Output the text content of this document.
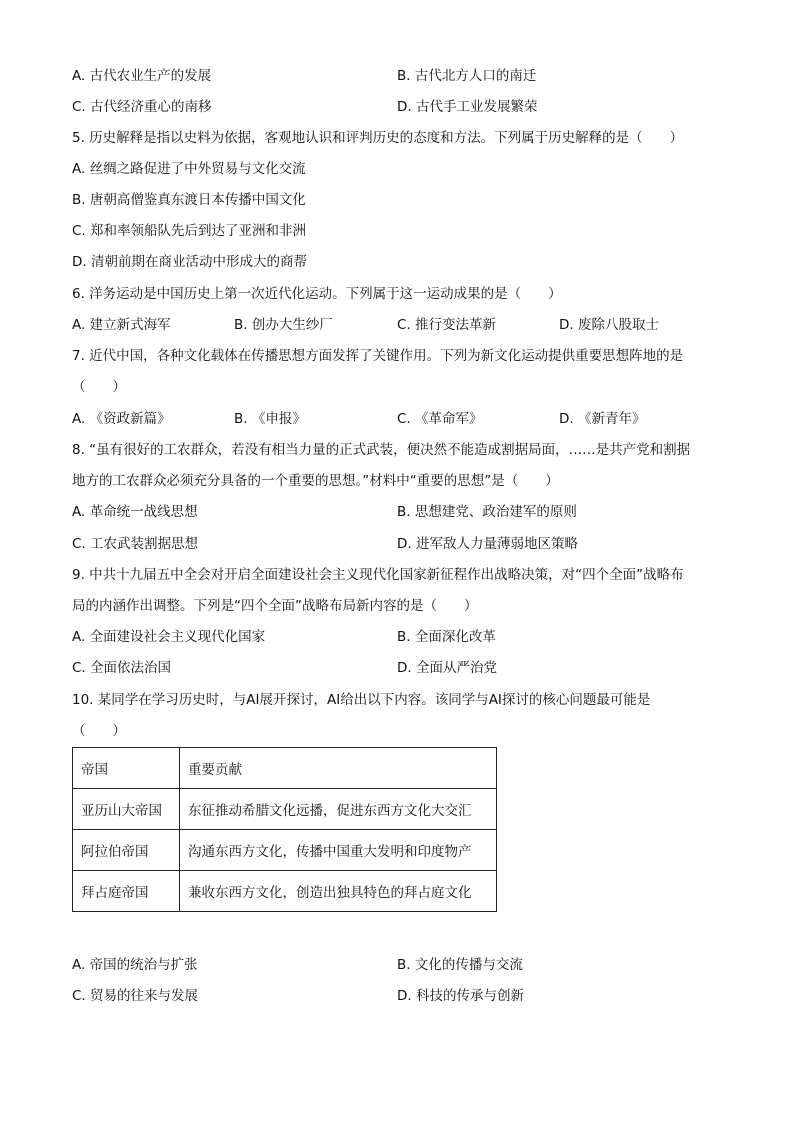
A. 古代农业生产的发展	B. 古代北方人口的南迁
C. 古代经济重心的南移	D. 古代手工业发展繁荣
5. 历史解释是指以史料为依据，客观地认识和评判历史的态度和方法。下列属于历史解释的是（　　）
A. 丝绸之路促进了中外贸易与文化交流
B. 唐朝高僧鉴真东渡日本传播中国文化
C. 郑和率领船队先后到达了亚洲和非洲
D. 清朝前期在商业活动中形成大的商帮
6. 洋务运动是中国历史上第一次近代化运动。下列属于这一运动成果的是（　　）
A. 建立新式海军	B. 创办大生纱厂	C. 推行变法革新	D. 废除八股取士
7. 近代中国，各种文化载体在传播思想方面发挥了关键作用。下列为新文化运动提供重要思想阵地的是
（　　）
A. 《资政新篇》	B. 《申报》	C. 《革命军》	D. 《新青年》
8. “虽有很好的工农群众，若没有相当力量的正式武装，便决然不能造成割据局面，……是共产党和割据
地方的工农群众必须充分具备的一个重要的思想。”材料中“重要的思想”是（　　）
A. 革命统一战线思想	B. 思想建党、政治建军的原则
C. 工农武装割据思想	D. 进军敌人力量薄弱地区策略
9. 中共十九届五中全会对开启全面建设社会主义现代化国家新征程作出战略决策，对“四个全面”战略布
局的内涵作出调整。下列是“四个全面”战略布局新内容的是（　　）
A. 全面建设社会主义现代化国家	B. 全面深化改革
C. 全面依法治国	D. 全面从严治党
10. 某同学在学习历史时，与AI展开探讨，AI给出以下内容。该同学与AI探讨的核心问题最可能是
（　　）
帝国	重要贡献
亚历山大帝国	东征推动希腊文化远播，促进东西方文化大交汇
阿拉伯帝国	沟通东西方文化，传播中国重大发明和印度物产
拜占庭帝国	兼收东西方文化，创造出独具特色的拜占庭文化
A. 帝国的统治与扩张	B. 文化的传播与交流
C. 贸易的往来与发展	D. 科技的传承与创新
